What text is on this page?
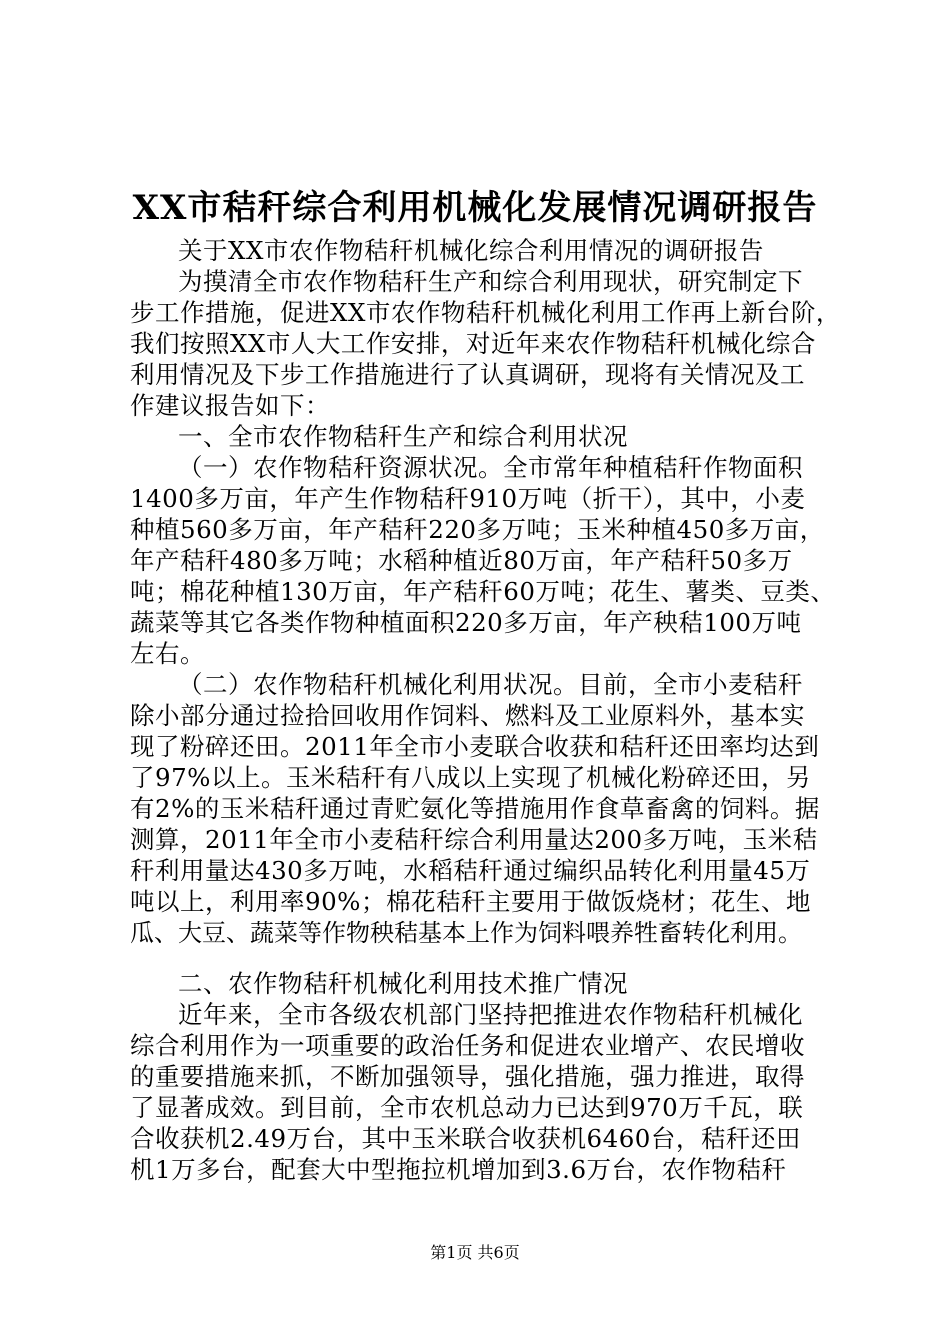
XX市秸秆综合利用机械化发展情况调研报告
关于XX市农作物秸秆机械化综合利用情况的调研报告
为摸清全市农作物秸秆生产和综合利用现状，研究制定下
步工作措施，促进XX市农作物秸秆机械化利用工作再上新台阶，
我们按照XX市人大工作安排，对近年来农作物秸秆机械化综合
利用情况及下步工作措施进行了认真调研，现将有关情况及工
作建议报告如下：
一、全市农作物秸秆生产和综合利用状况
（一）农作物秸秆资源状况。全市常年种植秸秆作物面积
1400多万亩，年产生作物秸秆910万吨（折干），其中，小麦
种植560多万亩，年产秸秆220多万吨；玉米种植450多万亩，
年产秸秆480多万吨；水稻种植近80万亩，年产秸秆50多万
吨；棉花种植130万亩，年产秸秆60万吨；花生、薯类、豆类、
蔬菜等其它各类作物种植面积220多万亩，年产秧秸100万吨
左右。
（二）农作物秸秆机械化利用状况。目前，全市小麦秸秆
除小部分通过捡拾回收用作饲料、燃料及工业原料外，基本实
现了粉碎还田。2011年全市小麦联合收获和秸秆还田率均达到
了97%以上。玉米秸秆有八成以上实现了机械化粉碎还田，另
有2%的玉米秸秆通过青贮氨化等措施用作食草畜禽的饲料。据
测算，2011年全市小麦秸秆综合利用量达200多万吨，玉米秸
秆利用量达430多万吨，水稻秸秆通过编织品转化利用量45万
吨以上，利用率90%；棉花秸秆主要用于做饭烧材；花生、地
瓜、大豆、蔬菜等作物秧秸基本上作为饲料喂养牲畜转化利用。
二、农作物秸秆机械化利用技术推广情况
近年来，全市各级农机部门坚持把推进农作物秸秆机械化
综合利用作为一项重要的政治任务和促进农业增产、农民增收
的重要措施来抓，不断加强领导，强化措施，强力推进，取得
了显著成效。到目前，全市农机总动力已达到970万千瓦，联
合收获机2.49万台，其中玉米联合收获机6460台，秸秆还田
机1万多台，配套大中型拖拉机增加到3.6万台，农作物秸秆
第1页 共6页
